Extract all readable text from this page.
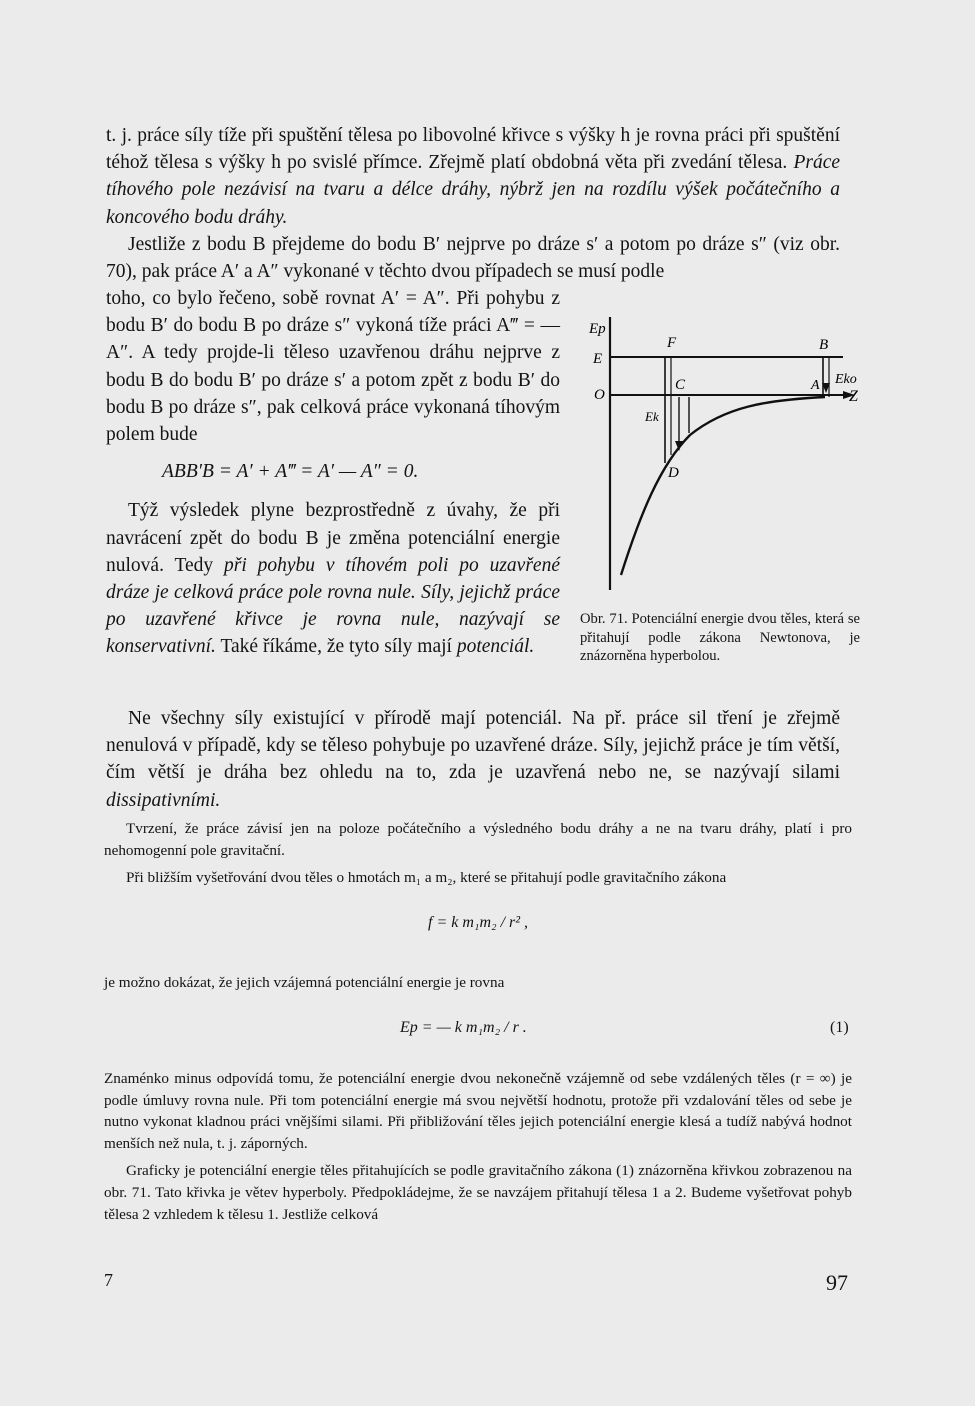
t. j. práce síly tíže při spuštění tělesa po libovolné křivce s výšky h je rovna práci při spuštění téhož tělesa s výšky h po svislé přímce. Zřejmě platí obdobná věta při zvedání tělesa. Práce tíhového pole nezávisí na tvaru a délce dráhy, nýbrž jen na rozdílu výšek počátečního a koncového bodu dráhy.

Jestliže z bodu B přejdeme do bodu B′ nejprve po dráze s′ a potom po dráze s″ (viz obr. 70), pak práce A′ a A″ vykonané v těchto dvou případech se musí podle

toho, co bylo řečeno, sobě rovnat A′ = A″. Při pohybu z bodu B′ do bodu B po dráze s″ vykoná tíže práci A‴ = — A″. A tedy projde-li těleso uzavřenou dráhu nejprve z bodu B do bodu B′ po dráze s′ a potom zpět z bodu B′ do bodu B po dráze s″, pak celková práce vykonaná tíhovým polem bude

ABB′B = A′ + A‴ = A′ — A″ = 0.

Týž výsledek plyne bezprostředně z úvahy, že při navrácení zpět do bodu B je změna potenciální energie nulová. Tedy při pohybu v tíhovém poli po uzavřené dráze je celková práce pole rovna nule. Síly, jejichž práce po uzavřené křivce je rovna nule, nazývají se konservativní. Také říkáme, že tyto síly mají potenciál.

Ne všechny síly existující v přírodě mají potenciál. Na př. práce sil tření je zřejmě nenulová v případě, kdy se těleso pohybuje po uzavřené dráze. Síly, jejichž práce je tím větší, čím větší je dráha bez ohledu na to, zda je uzavřená nebo ne, se nazývají silami dissipativními.

Ep
E
O
F	B
C	A Eko
Z
Ek
D
Obr. 71. Potenciální energie dvou těles, která se přitahují podle zákona Newtonova, je znázorněna hyperbolou.

Tvrzení, že práce závisí jen na poloze počátečního a výsledného bodu dráhy a ne na tvaru dráhy, platí i pro nehomogenní pole gravitační.

Při bližším vyšetřování dvou těles o hmotách m₁ a m₂, které se přitahují podle gravitačního zákona

f = k m₁m₂ / r² ,

je možno dokázat, že jejich vzájemná potenciální energie je rovna

Ep = — k m₁m₂ / r .	(1)

Znaménko minus odpovídá tomu, že potenciální energie dvou nekonečně vzájemně od sebe vzdálených těles (r = ∞) je podle úmluvy rovna nule. Při tom potenciální energie má svou největší hodnotu, protože při vzdalování těles od sebe je nutno vykonat kladnou práci vnějšími silami. Při přibližování těles jejich potenciální energie klesá a tudíž nabývá hodnot menších než nula, t. j. záporných.

Graficky je potenciální energie těles přitahujících se podle gravitačního zákona (1) znázorněna křivkou zobrazenou na obr. 71. Tato křivka je větev hyperboly. Předpokládejme, že se navzájem přitahují tělesa 1 a 2. Budeme vyšetřovat pohyb tělesa 2 vzhledem k tělesu 1. Jestliže celková

7	97
